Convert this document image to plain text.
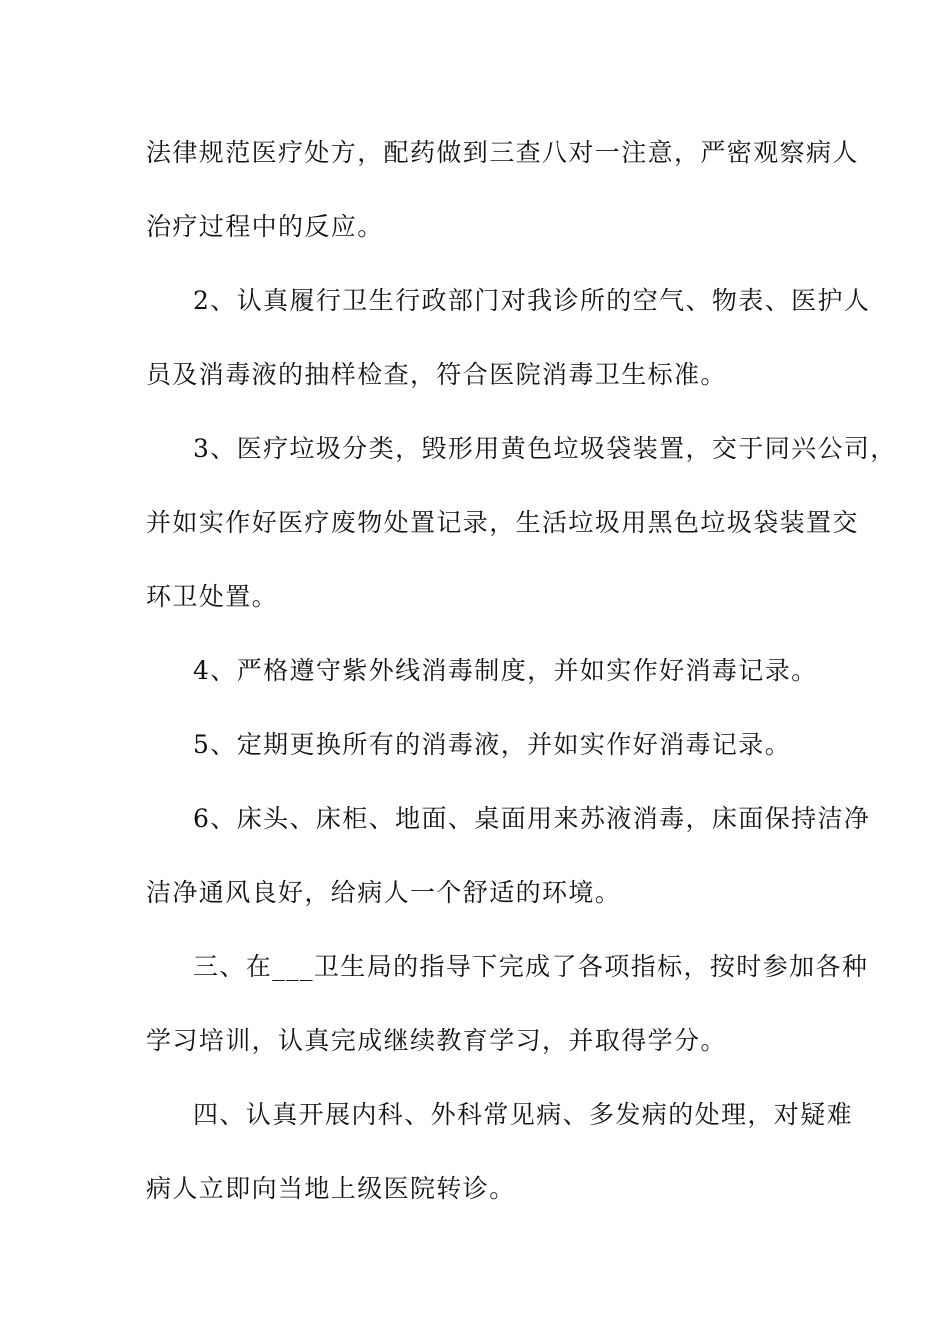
法律规范医疗处方，配药做到三查八对一注意，严密观察病人
治疗过程中的反应。
2、认真履行卫生行政部门对我诊所的空气、物表、医护人
员及消毒液的抽样检查，符合医院消毒卫生标准。
3、医疗垃圾分类，毁形用黄色垃圾袋装置，交于同兴公司，
并如实作好医疗废物处置记录，生活垃圾用黑色垃圾袋装置交
环卫处置。
4、严格遵守紫外线消毒制度，并如实作好消毒记录。
5、定期更换所有的消毒液，并如实作好消毒记录。
6、床头、床柜、地面、桌面用来苏液消毒，床面保持洁净
洁净通风良好，给病人一个舒适的环境。
三、在___卫生局的指导下完成了各项指标，按时参加各种
学习培训，认真完成继续教育学习，并取得学分。
四、认真开展内科、外科常见病、多发病的处理，对疑难
病人立即向当地上级医院转诊。
